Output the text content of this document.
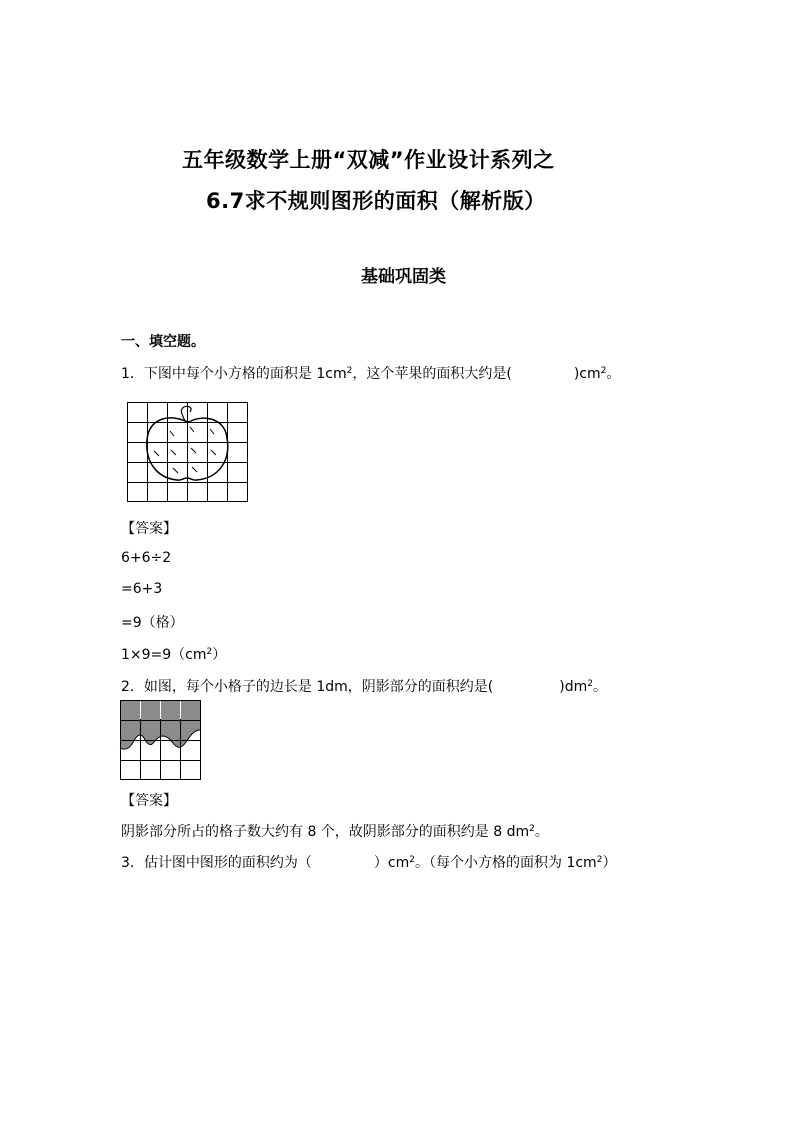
五年级数学上册“双减”作业设计系列之
6.7求不规则图形的面积（解析版）
基础巩固类
一、填空题。
1．下图中每个小方格的面积是 $1cm^2$，这个苹果的面积大约是(	)$cm^2$。
【答案】
6+6÷2
=6+3
=9（格）
$1\times 9=9(cm^2)$
2．如图，每个小格子的边长是 1dm，阴影部分的面积约是(	)$dm^2$。
【答案】
阴影部分所占的格子数大约有 8 个，故阴影部分的面积约是 8 $dm^2$。
3．估计图中图形的面积约为（	）$cm^2$。（每个小方格的面积为 $1cm^2$）
